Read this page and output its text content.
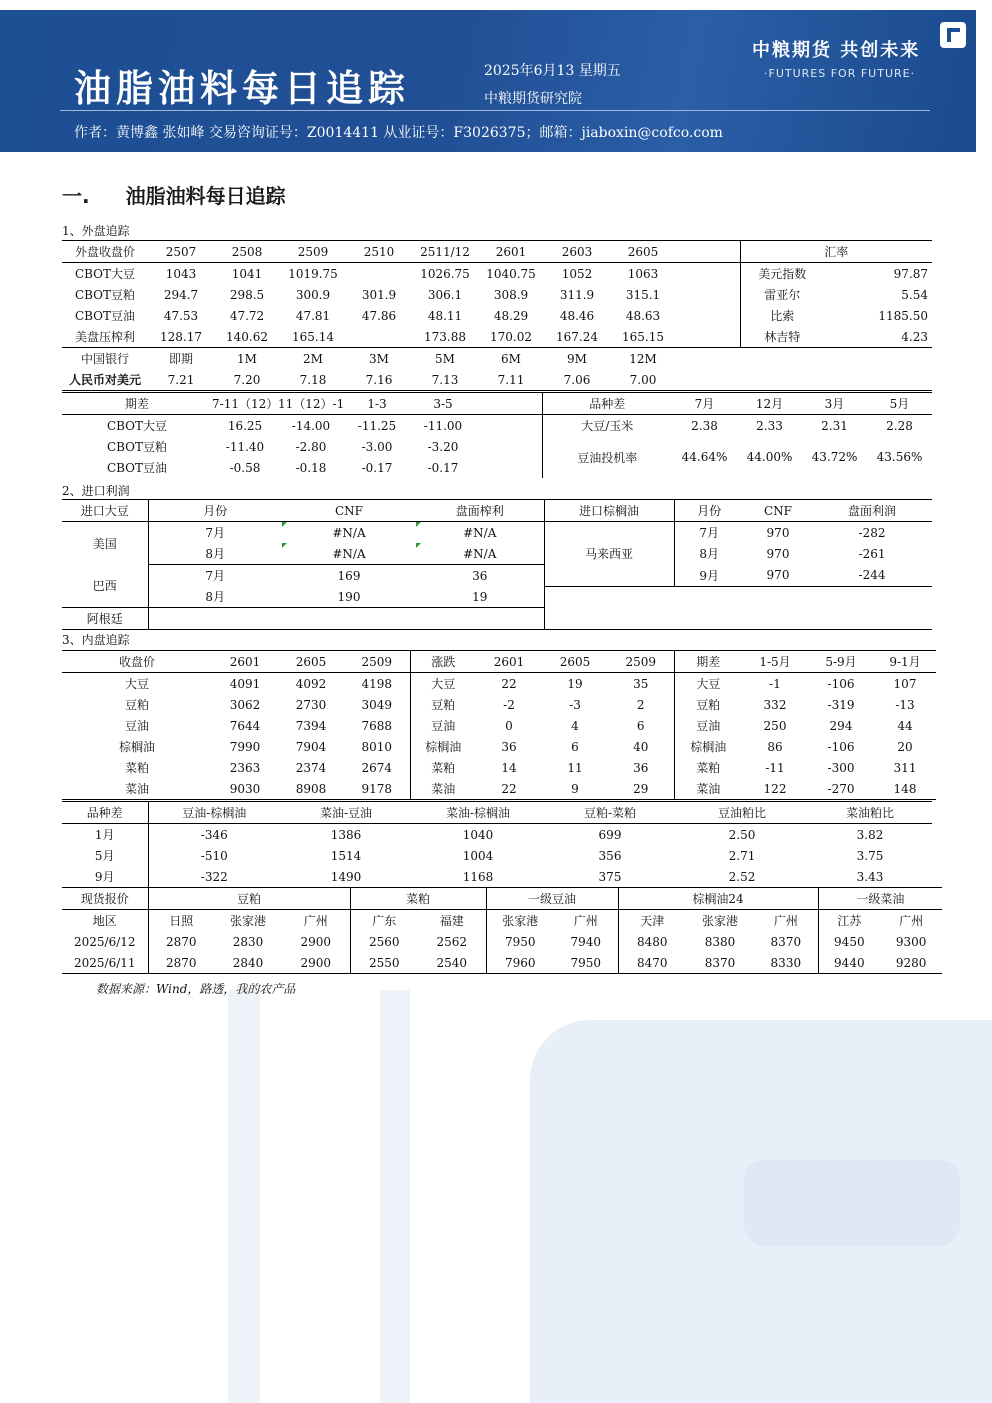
油脂油料每日追踪	2025年6月13 星期五
中粮期货研究院
中粮期货 共创未来
·FUTURES FOR FUTURE·
作者：黄博鑫 张如峰 交易咨询证号：Z0014411 从业证号：F3026375；邮箱：jiaboxin@cofco.com
一. 油脂油料每日追踪
1、外盘追踪
外盘收盘价	2507	2508	2509	2510	2511/12	2601	2603	2605		汇率	
CBOT大豆	1043	1041	1019.75		1026.75	1040.75	1052	1063		美元指数	97.87
CBOT豆粕	294.7	298.5	300.9	301.9	306.1	308.9	311.9	315.1		雷亚尔	5.54
CBOT豆油	47.53	47.72	47.81	47.86	48.11	48.29	48.46	48.63		比索	1185.50
美盘压榨利	128.17	140.62	165.14		173.88	170.02	167.24	165.15		林吉特	4.23
中国银行	即期	1M	2M	3M	5M	6M	9M	12M			
人民币对美元	7.21	7.20	7.18	7.16	7.13	7.11	7.06	7.00			
期差	7-11（12）	11（12）-1	1-3	3-5		品种差	7月	12月	3月	5月
CBOT大豆	16.25	-14.00	-11.25	-11.00		大豆/玉米	2.38	2.33	2.31	2.28
CBOT豆粕	-11.40	-2.80	-3.00	-3.20		豆油投机率	44.64%	44.00%	43.72%	43.56%
CBOT豆油	-0.58	-0.18	-0.17	-0.17						
2、进口利润
进口大豆	月份	CNF	盘面榨利	进口棕榈油	月份	CNF	盘面利润
美国	7月	#N/A	#N/A	马来西亚	7月	970	-282
	8月	#N/A	#N/A		8月	970	-261
巴西	7月	169	36		9月	970	-244
	8月	190	19				
阿根廷							
3、内盘追踪
收盘价	2601	2605	2509	涨跌	2601	2605	2509	期差	1-5月	5-9月	9-1月
大豆	4091	4092	4198	大豆	22	19	35	大豆	-1	-106	107
豆粕	3062	2730	3049	豆粕	-2	-3	2	豆粕	332	-319	-13
豆油	7644	7394	7688	豆油	0	4	6	豆油	250	294	44
棕榈油	7990	7904	8010	棕榈油	36	6	40	棕榈油	86	-106	20
菜粕	2363	2374	2674	菜粕	14	11	36	菜粕	-11	-300	311
菜油	9030	8908	9178	菜油	22	9	29	菜油	122	-270	148
品种差	豆油-棕榈油	菜油-豆油	菜油-棕榈油	豆粕-菜粕	豆油粕比	菜油粕比
1月	-346	1386	1040	699	2.50	3.82
5月	-510	1514	1004	356	2.71	3.75
9月	-322	1490	1168	375	2.52	3.43
现货报价	豆粕			菜粕		一级豆油		棕榈油24			一级菜油	
地区	日照	张家港	广州	广东	福建	张家港	广州	天津	张家港	广州	江苏	广州
2025/6/12	2870	2830	2900	2560	2562	7950	7940	8480	8380	8370	9450	9300
2025/6/11	2870	2840	2900	2550	2540	7960	7950	8470	8370	8330	9440	9280
数据来源：Wind，路透，我的农产品
